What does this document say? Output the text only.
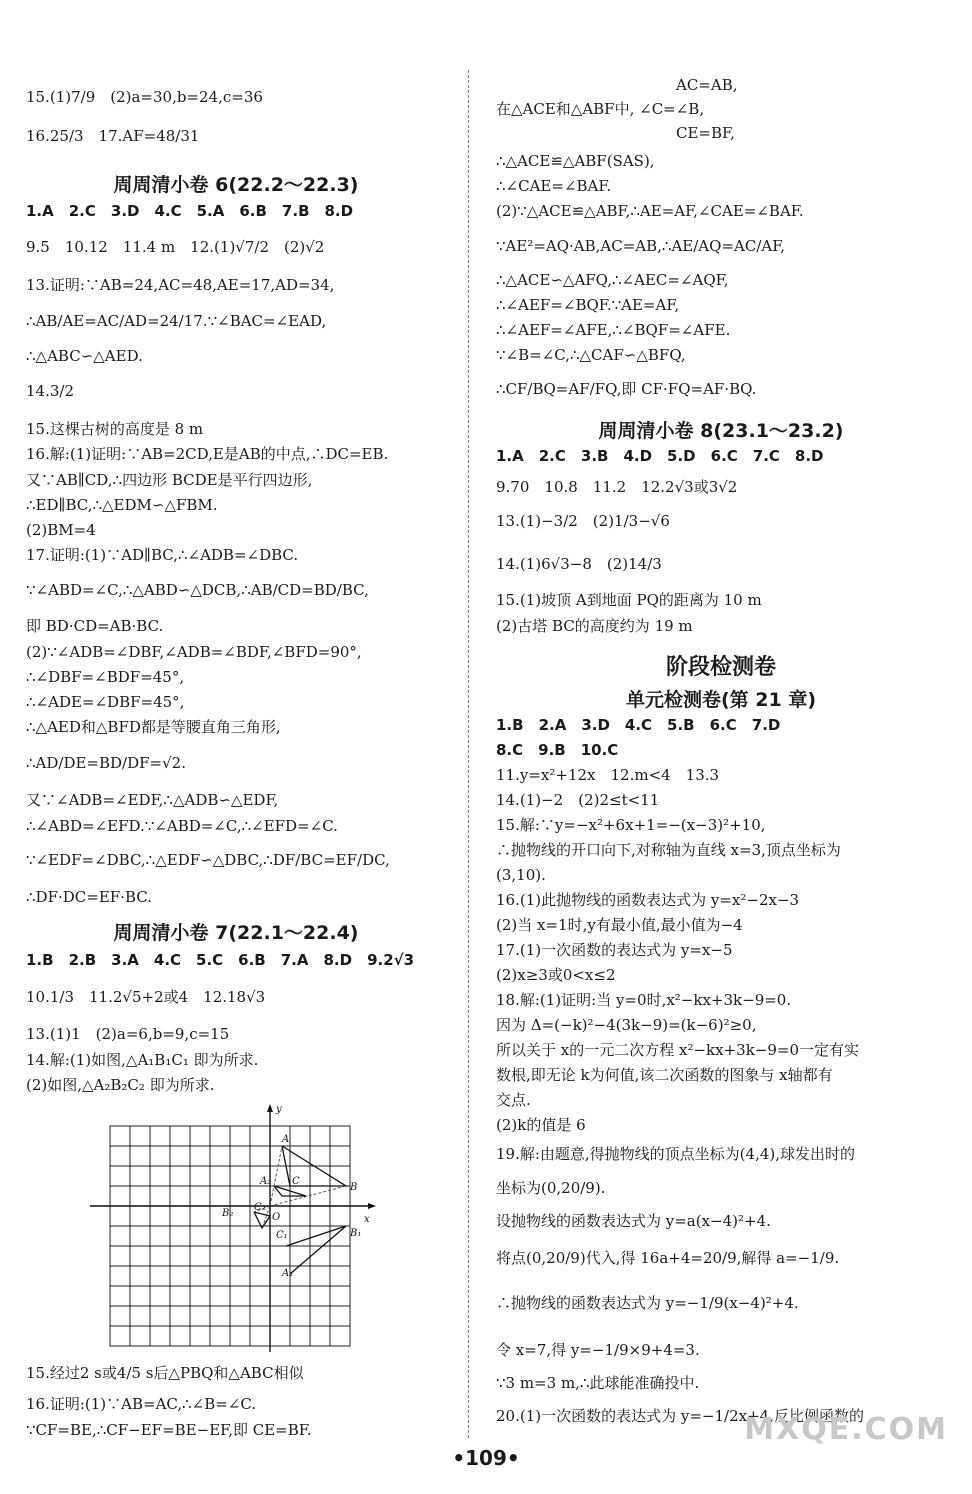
15.(1)7/9　(2)a=30,b=24,c=36
16.25/3　17.AF=48/31
周周清小卷 6(22.2～22.3)
1.A　2.C　3.D　4.C　5.A　6.B　7.B　8.D
9.5　10.12　11.4 m　12.(1)√7/2　(2)√2
13.证明:∵AB=24,AC=48,AE=17,AD=34,
∴AB/AE=AC/AD=24/17.∵∠BAC=∠EAD,
∴△ABC∽△AED.
14.3/2
15.这棵古树的高度是 8 m
16.解:(1)证明:∵AB=2CD,E是AB的中点,∴DC=EB.
又∵AB∥CD,∴四边形 BCDE是平行四边形,
∴ED∥BC,∴△EDM∽△FBM.
(2)BM=4
17.证明:(1)∵AD∥BC,∴∠ADB=∠DBC.
∵∠ABD=∠C,∴△ABD∽△DCB,∴AB/CD=BD/BC,
即 BD·CD=AB·BC.
(2)∵∠ADB=∠DBF,∠ADB=∠BDF,∠BFD=90°,
∴∠DBF=∠BDF=45°,
∴∠ADE=∠DBF=45°,
∴△AED和△BFD都是等腰直角三角形,
∴AD/DE=BD/DF=√2.
又∵∠ADB=∠EDF,∴△ADB∽△EDF,
∴∠ABD=∠EFD.∵∠ABD=∠C,∴∠EFD=∠C.
∵∠EDF=∠DBC,∴△EDF∽△DBC,∴DF/BC=EF/DC,
∴DF·DC=EF·BC.
周周清小卷 7(22.1～22.4)
1.B　2.B　3.A　4.C　5.C　6.B　7.A　8.D　9.2√3
10.1/3　11.2√5+2或4　12.18√3
13.(1)1　(2)a=6,b=9,c=15
14.解:(1)如图,△A₁B₁C₁ 即为所求.
(2)如图,△A₂B₂C₂ 即为所求.
y
x
O
A
B
C
A₁
B₁
C₁
A₂
B₂
C₂
15.经过2 s或4/5 s后△PBQ和△ABC相似
16.证明:(1)∵AB=AC,∴∠B=∠C.
∵CF=BE,∴CF−EF=BE−EF,即 CE=BF.
AC=AB,
在△ACE和△ABF中, ∠C=∠B,
CE=BF,
∴△ACE≌△ABF(SAS),
∴∠CAE=∠BAF.
(2)∵△ACE≌△ABF,∴AE=AF,∠CAE=∠BAF.
∵AE²=AQ·AB,AC=AB,∴AE/AQ=AC/AF,
∴△ACE∽△AFQ,∴∠AEC=∠AQF,
∴∠AEF=∠BQF.∵AE=AF,
∴∠AEF=∠AFE,∴∠BQF=∠AFE.
∵∠B=∠C,∴△CAF∽△BFQ,
∴CF/BQ=AF/FQ,即 CF·FQ=AF·BQ.
周周清小卷 8(23.1～23.2)
1.A　2.C　3.B　4.D　5.D　6.C　7.C　8.D
9.70　10.8　11.2　12.2√3或3√2
13.(1)−3/2　(2)1/3−√6
14.(1)6√3−8　(2)14/3
15.(1)坡顶 A到地面 PQ的距离为 10 m
(2)古塔 BC的高度约为 19 m
阶段检测卷
单元检测卷(第 21 章)
1.B　2.A　3.D　4.C　5.B　6.C　7.D
8.C　9.B　10.C
11.y=x²+12x　12.m<4　13.3
14.(1)−2　(2)2≤t<11
15.解:∵y=−x²+6x+1=−(x−3)²+10,
∴抛物线的开口向下,对称轴为直线 x=3,顶点坐标为
(3,10).
16.(1)此抛物线的函数表达式为 y=x²−2x−3
(2)当 x=1时,y有最小值,最小值为−4
17.(1)一次函数的表达式为 y=x−5
(2)x≥3或0<x≤2
18.解:(1)证明:当 y=0时,x²−kx+3k−9=0.
因为 Δ=(−k)²−4(3k−9)=(k−6)²≥0,
所以关于 x的一元二次方程 x²−kx+3k−9=0一定有实
数根,即无论 k为何值,该二次函数的图象与 x轴都有
交点.
(2)k的值是 6
19.解:由题意,得抛物线的顶点坐标为(4,4),球发出时的
坐标为(0,20/9).
设抛物线的函数表达式为 y=a(x−4)²+4.
将点(0,20/9)代入,得 16a+4=20/9,解得 a=−1/9.
∴抛物线的函数表达式为 y=−1/9(x−4)²+4.
令 x=7,得 y=−1/9×9+4=3.
∵3 m=3 m,∴此球能准确投中.
20.(1)一次函数的表达式为 y=−1/2x+4,反比例函数的
•109•
MXQE.COM
